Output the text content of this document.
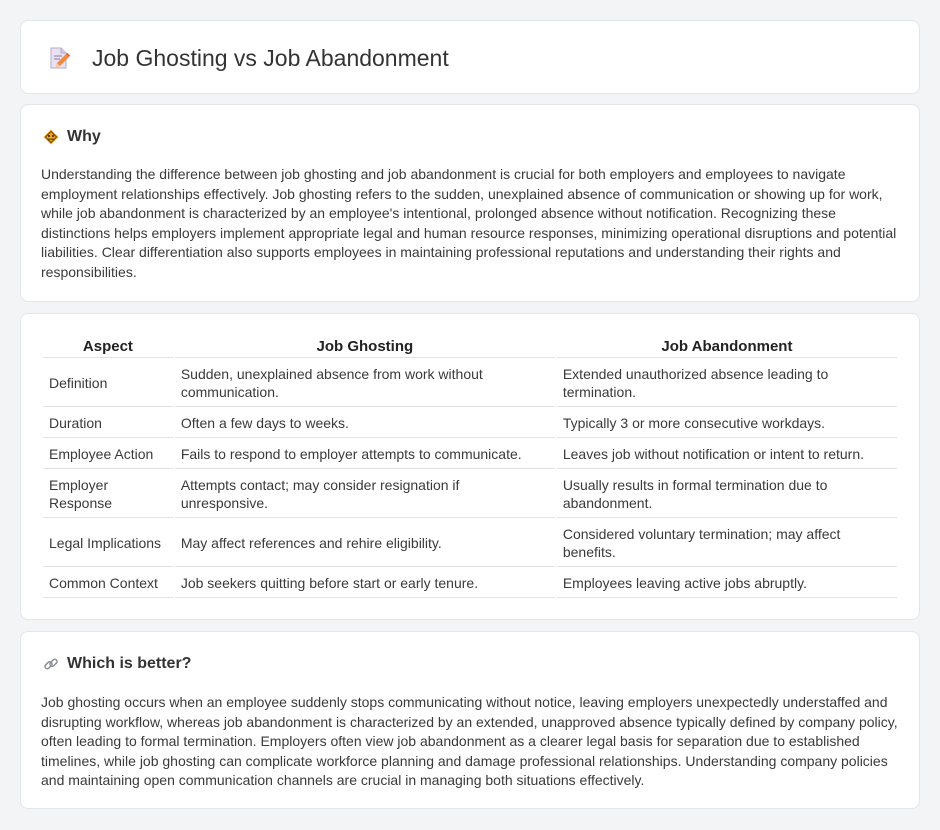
Job Ghosting vs Job Abandonment
Why

Understanding the difference between job ghosting and job abandonment is crucial for both employers and employees to navigate employment relationships effectively. Job ghosting refers to the sudden, unexplained absence of communication or showing up for work, while job abandonment is characterized by an employee's intentional, prolonged absence without notification. Recognizing these distinctions helps employers implement appropriate legal and human resource responses, minimizing operational disruptions and potential liabilities. Clear differentiation also supports employees in maintaining professional reputations and understanding their rights and responsibilities.

Aspect	Job Ghosting	Job Abandonment
Definition	Sudden, unexplained absence from work without communication.	Extended unauthorized absence leading to termination.
Duration	Often a few days to weeks.	Typically 3 or more consecutive workdays.
Employee Action	Fails to respond to employer attempts to communicate.	Leaves job without notification or intent to return.
Employer Response	Attempts contact; may consider resignation if unresponsive.	Usually results in formal termination due to abandonment.
Legal Implications	May affect references and rehire eligibility.	Considered voluntary termination; may affect benefits.
Common Context	Job seekers quitting before start or early tenure.	Employees leaving active jobs abruptly.
Which is better?

Job ghosting occurs when an employee suddenly stops communicating without notice, leaving employers unexpectedly understaffed and disrupting workflow, whereas job abandonment is characterized by an extended, unapproved absence typically defined by company policy, often leading to formal termination. Employers often view job abandonment as a clearer legal basis for separation due to established timelines, while job ghosting can complicate workforce planning and damage professional relationships. Understanding company policies and maintaining open communication channels are crucial in managing both situations effectively.
